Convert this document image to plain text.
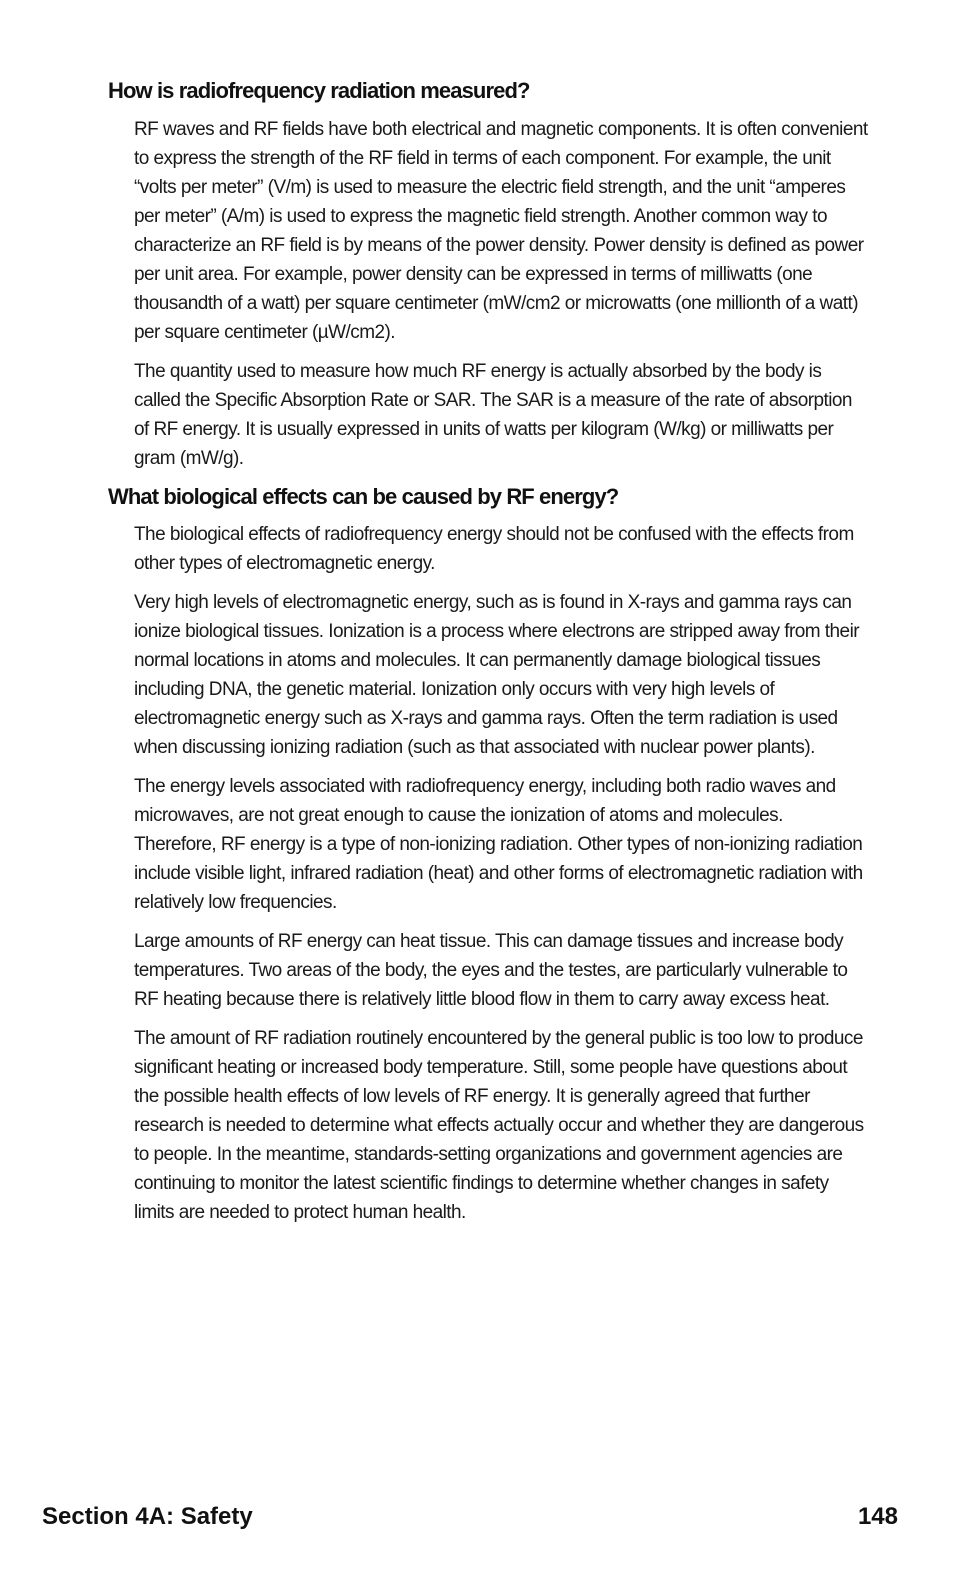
How is radiofrequency radiation measured?

RF waves and RF fields have both electrical and magnetic components. It is often convenient to express the strength of the RF field in terms of each component. For example, the unit “volts per meter” (V/m) is used to measure the electric field strength, and the unit “amperes per meter” (A/m) is used to express the magnetic field strength. Another common way to characterize an RF field is by means of the power density. Power density is defined as power per unit area. For example, power density can be expressed in terms of milliwatts (one thousandth of a watt) per square centimeter (mW/cm2 or microwatts (one millionth of a watt) per square centimeter (µW/cm2).

The quantity used to measure how much RF energy is actually absorbed by the body is called the Specific Absorption Rate or SAR. The SAR is a measure of the rate of absorption of RF energy. It is usually expressed in units of watts per kilogram (W/kg) or milliwatts per gram (mW/g).

What biological effects can be caused by RF energy?

The biological effects of radiofrequency energy should not be confused with the effects from other types of electromagnetic energy.

Very high levels of electromagnetic energy, such as is found in X-rays and gamma rays can ionize biological tissues. Ionization is a process where electrons are stripped away from their normal locations in atoms and molecules. It can permanently damage biological tissues including DNA, the genetic material. Ionization only occurs with very high levels of electromagnetic energy such as X-rays and gamma rays. Often the term radiation is used when discussing ionizing radiation (such as that associated with nuclear power plants).

The energy levels associated with radiofrequency energy, including both radio waves and microwaves, are not great enough to cause the ionization of atoms and molecules. Therefore, RF energy is a type of non-ionizing radiation. Other types of non-ionizing radiation include visible light, infrared radiation (heat) and other forms of electromagnetic radiation with relatively low frequencies.

Large amounts of RF energy can heat tissue. This can damage tissues and increase body temperatures. Two areas of the body, the eyes and the testes, are particularly vulnerable to RF heating because there is relatively little blood flow in them to carry away excess heat.

The amount of RF radiation routinely encountered by the general public is too low to produce significant heating or increased body temperature. Still, some people have questions about the possible health effects of low levels of RF energy. It is generally agreed that further research is needed to determine what effects actually occur and whether they are dangerous to people. In the meantime, standards-setting organizations and government agencies are continuing to monitor the latest scientific findings to determine whether changes in safety limits are needed to protect human health.

Section 4A: Safety	148
